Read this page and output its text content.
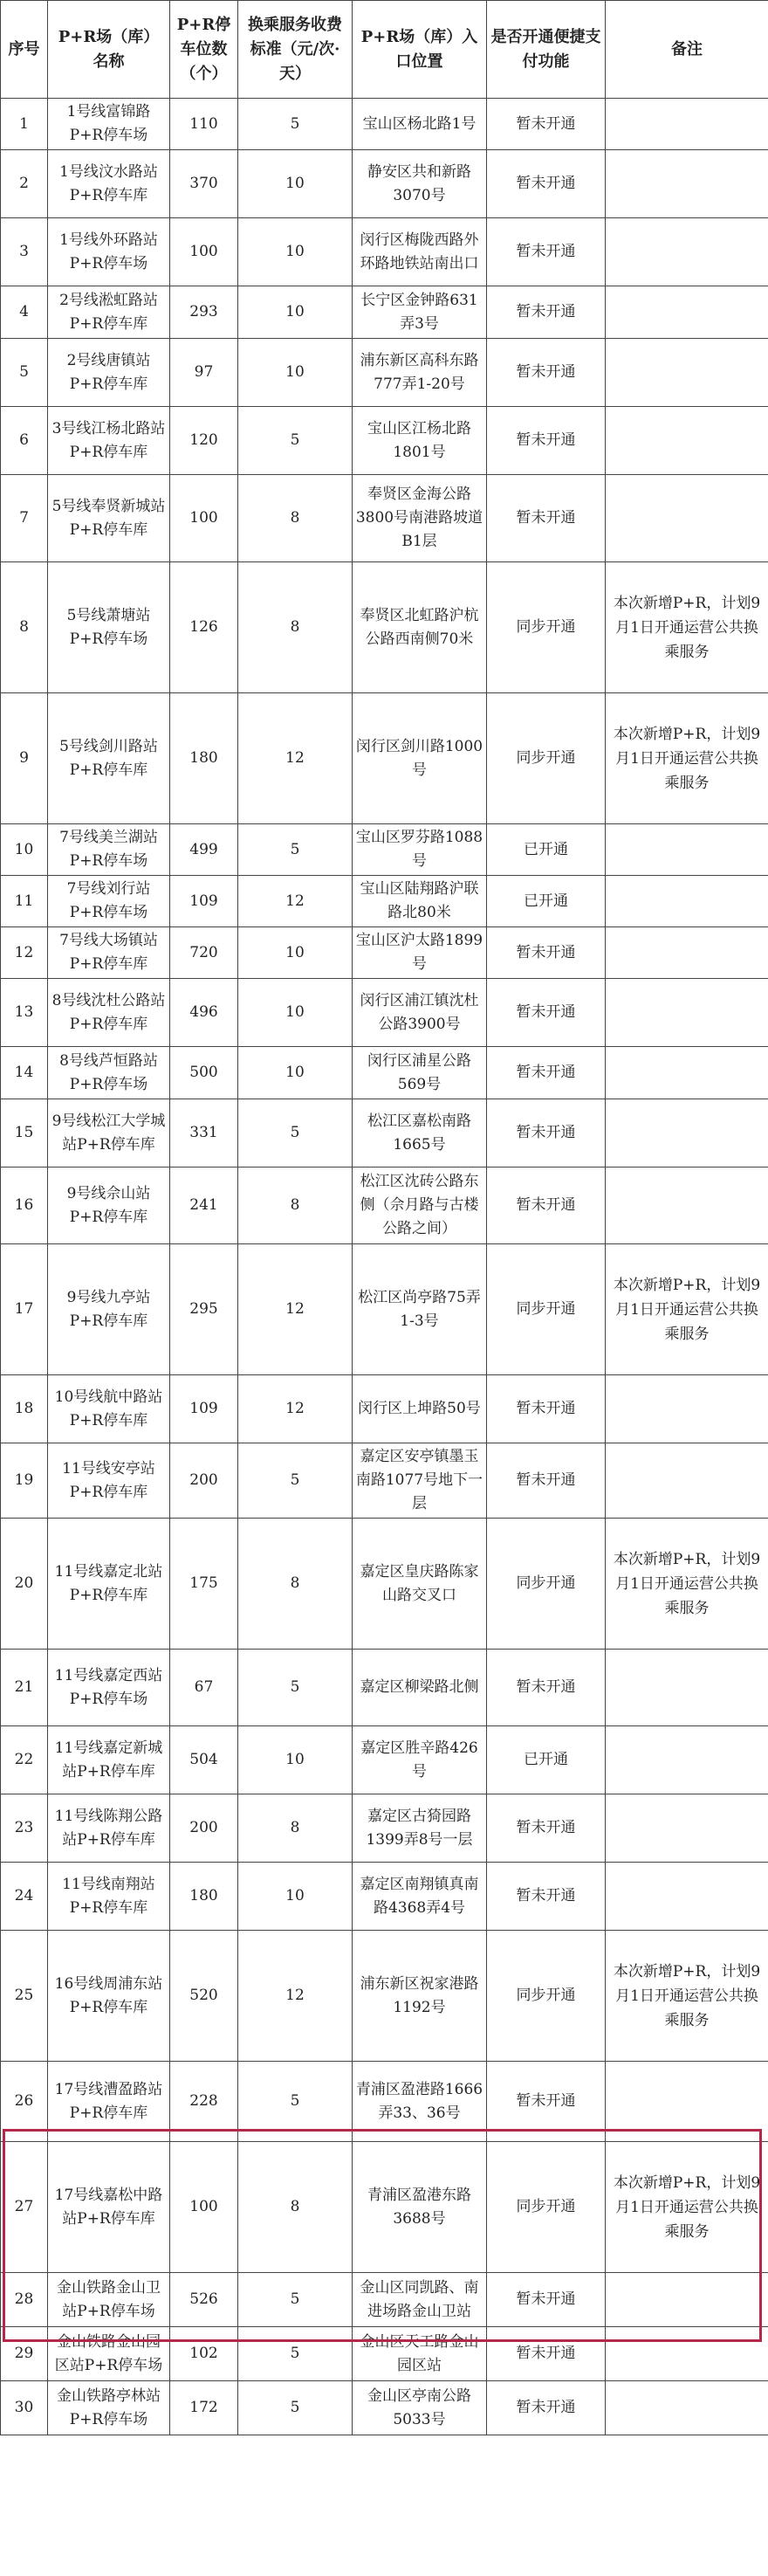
序号	P+R场（库）名称	P+R停车位数（个）	换乘服务收费标准（元/次·天）	P+R场（库）入口位置	是否开通便捷支付功能	备注
1	1号线富锦路P+R停车场	110	5	宝山区杨北路1号	暂未开通	
2	1号线汶水路站P+R停车库	370	10	静安区共和新路3070号	暂未开通	
3	1号线外环路站P+R停车场	100	10	闵行区梅陇西路外环路地铁站南出口	暂未开通	
4	2号线淞虹路站P+R停车库	293	10	长宁区金钟路631弄3号	暂未开通	
5	2号线唐镇站P+R停车库	97	10	浦东新区高科东路777弄1-20号	暂未开通	
6	3号线江杨北路站P+R停车库	120	5	宝山区江杨北路1801号	暂未开通	
7	5号线奉贤新城站P+R停车库	100	8	奉贤区金海公路3800号南港路坡道B1层	暂未开通	
8	5号线萧塘站P+R停车场	126	8	奉贤区北虹路沪杭公路西南侧70米	同步开通	本次新增P+R，计划9月1日开通运营公共换乘服务
9	5号线剑川路站P+R停车库	180	12	闵行区剑川路1000号	同步开通	本次新增P+R，计划9月1日开通运营公共换乘服务
10	7号线美兰湖站P+R停车场	499	5	宝山区罗芬路1088号	已开通	
11	7号线刘行站P+R停车场	109	12	宝山区陆翔路沪联路北80米	已开通	
12	7号线大场镇站P+R停车库	720	10	宝山区沪太路1899号	暂未开通	
13	8号线沈杜公路站P+R停车库	496	10	闵行区浦江镇沈杜公路3900号	暂未开通	
14	8号线芦恒路站P+R停车场	500	10	闵行区浦星公路569号	暂未开通	
15	9号线松江大学城站P+R停车库	331	5	松江区嘉松南路1665号	暂未开通	
16	9号线佘山站P+R停车库	241	8	松江区沈砖公路东侧（佘月路与古楼公路之间）	暂未开通	
17	9号线九亭站P+R停车库	295	12	松江区尚亭路75弄1-3号	同步开通	本次新增P+R，计划9月1日开通运营公共换乘服务
18	10号线航中路站P+R停车库	109	12	闵行区上坤路50号	暂未开通	
19	11号线安亭站P+R停车库	200	5	嘉定区安亭镇墨玉南路1077号地下一层	暂未开通	
20	11号线嘉定北站P+R停车库	175	8	嘉定区皇庆路陈家山路交叉口	同步开通	本次新增P+R，计划9月1日开通运营公共换乘服务
21	11号线嘉定西站P+R停车场	67	5	嘉定区柳梁路北侧	暂未开通	
22	11号线嘉定新城站P+R停车库	504	10	嘉定区胜辛路426号	已开通	
23	11号线陈翔公路站P+R停车库	200	8	嘉定区古猗园路1399弄8号一层	暂未开通	
24	11号线南翔站P+R停车库	180	10	嘉定区南翔镇真南路4368弄4号	暂未开通	
25	16号线周浦东站P+R停车库	520	12	浦东新区祝家港路1192号	同步开通	本次新增P+R，计划9月1日开通运营公共换乘服务
26	17号线漕盈路站P+R停车库	228	5	青浦区盈港路1666弄33、36号	暂未开通	
27	17号线嘉松中路站P+R停车库	100	8	青浦区盈港东路3688号	同步开通	本次新增P+R，计划9月1日开通运营公共换乘服务
28	金山铁路金山卫站P+R停车场	526	5	金山区同凯路、南进场路金山卫站	暂未开通	
29	金山铁路金山园区站P+R停车场	102	5	金山区天工路金山园区站	暂未开通	
30	金山铁路亭林站P+R停车场	172	5	金山区亭南公路5033号	暂未开通	
